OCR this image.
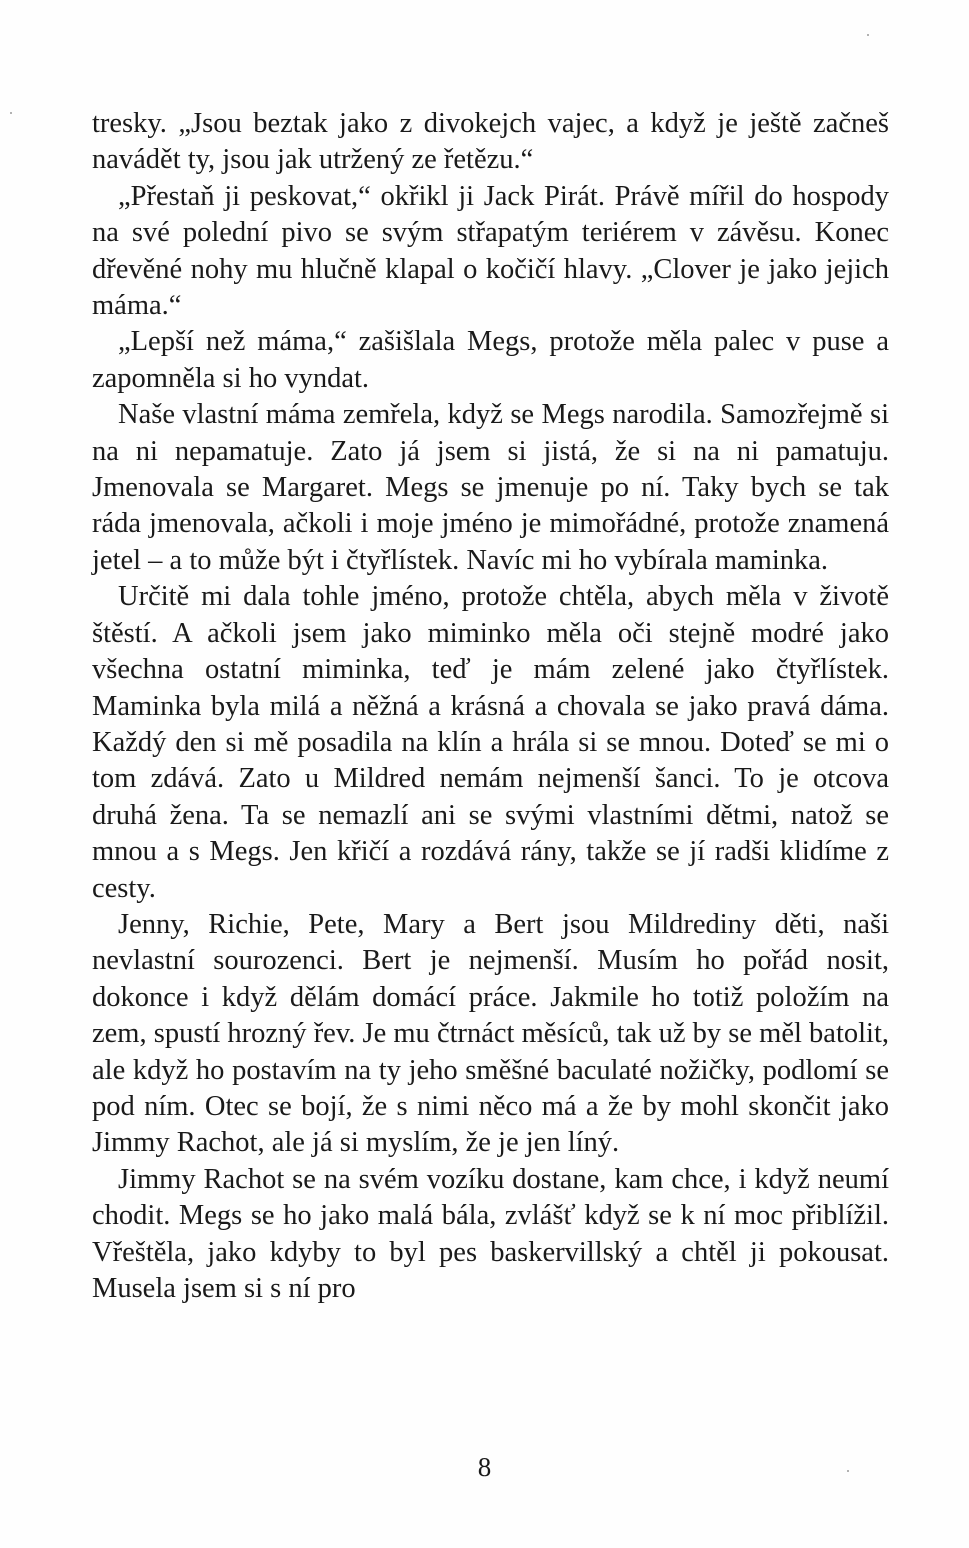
tresky. „Jsou beztak jako z divokejch vajec, a když je ještě začneš navádět ty, jsou jak utržený ze řetězu.“

„Přestaň ji peskovat,“ okřikl ji Jack Pirát. Právě mířil do hospody na své polední pivo se svým střapatým teriérem v závěsu. Konec dřevěné nohy mu hlučně klapal o kočičí hlavy. „Clover je jako jejich máma.“

„Lepší než máma,“ zašišlala Megs, protože měla palec v puse a zapomněla si ho vyndat.

Naše vlastní máma zemřela, když se Megs narodila. Samozřejmě si na ni nepamatuje. Zato já jsem si jistá, že si na ni pamatuju. Jmenovala se Margaret. Megs se jmenuje po ní. Taky bych se tak ráda jmenovala, ačkoli i moje jméno je mimořádné, protože znamená jetel – a to může být i čtyřlístek. Navíc mi ho vybírala maminka.

Určitě mi dala tohle jméno, protože chtěla, abych měla v životě štěstí. A ačkoli jsem jako miminko měla oči stejně modré jako všechna ostatní miminka, teď je mám zelené jako čtyřlístek. Maminka byla milá a něžná a krásná a chovala se jako pravá dáma. Každý den si mě posadila na klín a hrála si se mnou. Doteď se mi o tom zdává. Zato u Mildred nemám nejmenší šanci. To je otcova druhá žena. Ta se nemazlí ani se svými vlastními dětmi, natož se mnou a s Megs. Jen křičí a rozdává rány, takže se jí radši klidíme z cesty.

Jenny, Richie, Pete, Mary a Bert jsou Mildrediny děti, naši nevlastní sourozenci. Bert je nejmenší. Musím ho pořád nosit, dokonce i když dělám domácí práce. Jakmile ho totiž položím na zem, spustí hrozný řev. Je mu čtrnáct měsíců, tak už by se měl batolit, ale když ho postavím na ty jeho směšné baculaté nožičky, podlomí se pod ním. Otec se bojí, že s nimi něco má a že by mohl skončit jako Jimmy Rachot, ale já si myslím, že je jen líný.

Jimmy Rachot se na svém vozíku dostane, kam chce, i když neumí chodit. Megs se ho jako malá bála, zvlášť když se k ní moc přiblížil. Vřeštěla, jako kdyby to byl pes baskervillský a chtěl ji pokousat. Musela jsem si s ní pro

8
